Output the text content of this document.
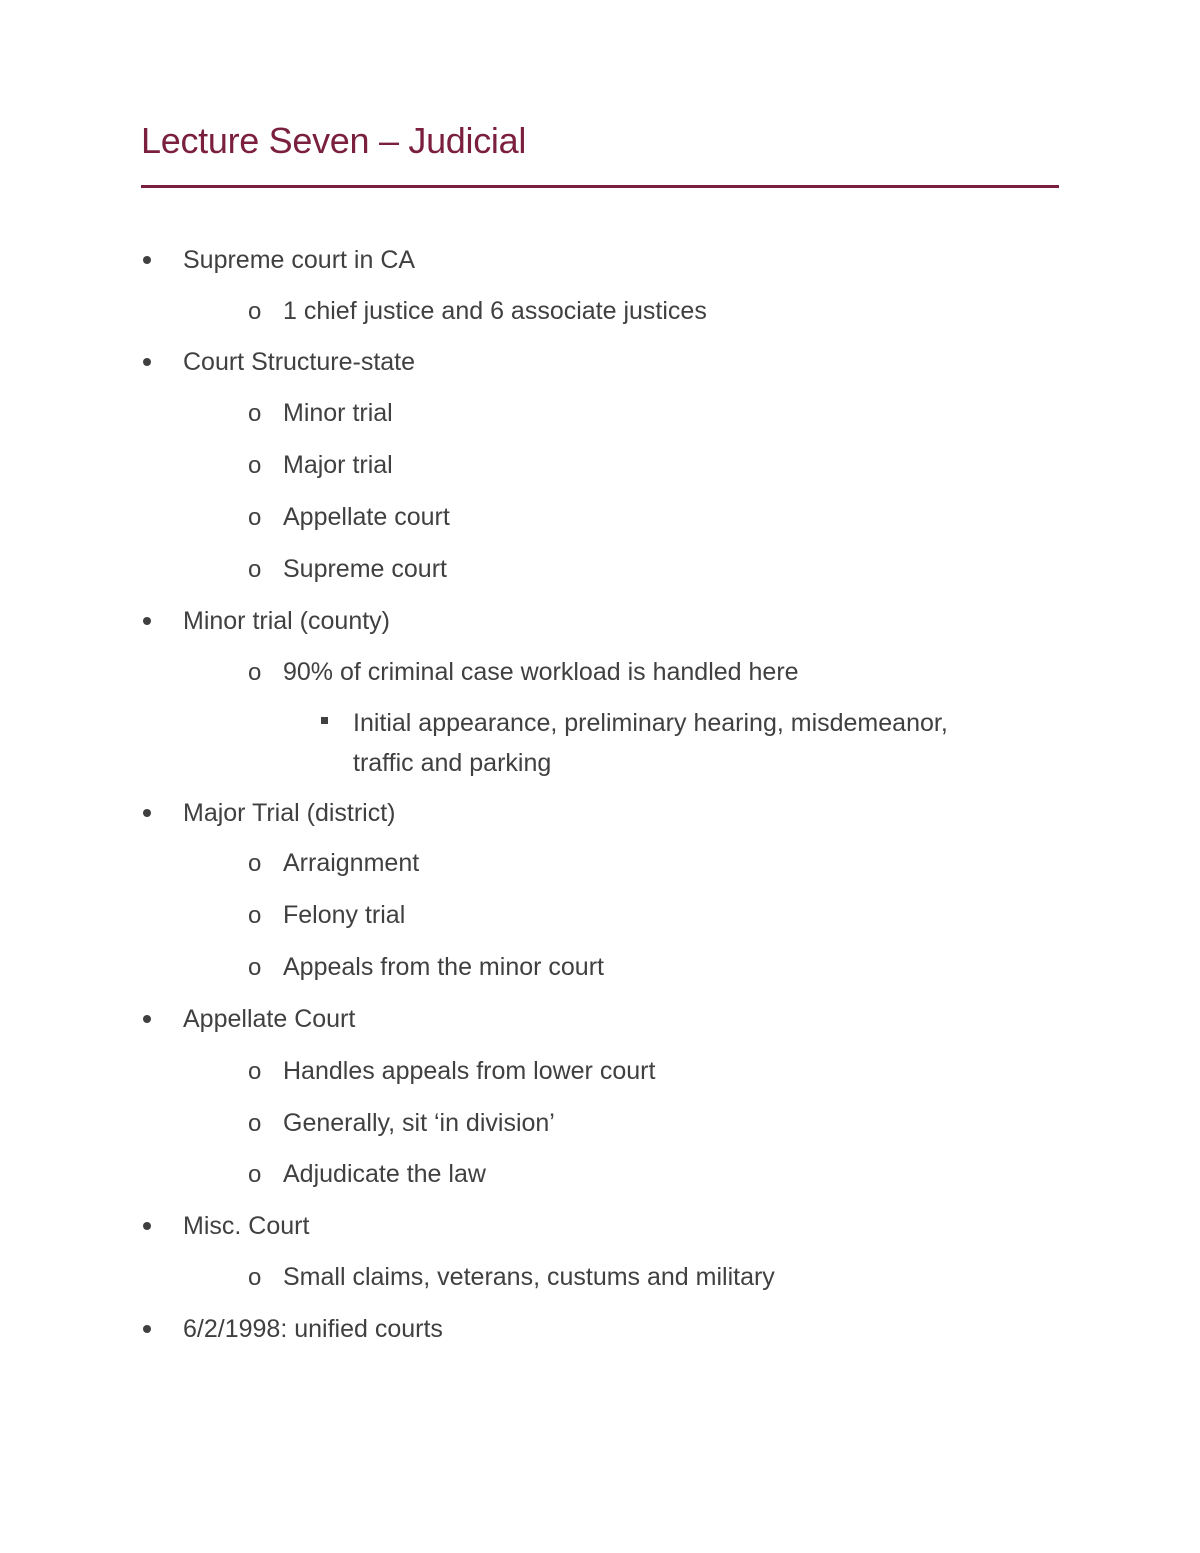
Lecture Seven – Judicial
Supreme court in CA
o 1 chief justice and 6 associate justices
Court Structure-state
o Minor trial
o Major trial
o Appellate court
o Supreme court
Minor trial (county)
o 90% of criminal case workload is handled here
Initial appearance, preliminary hearing, misdemeanor,
traffic and parking
Major Trial (district)
o Arraignment
o Felony trial
o Appeals from the minor court
Appellate Court
o Handles appeals from lower court
o Generally, sit ‘in division’
o Adjudicate the law
Misc. Court
o Small claims, veterans, custums and military
6/2/1998: unified courts
